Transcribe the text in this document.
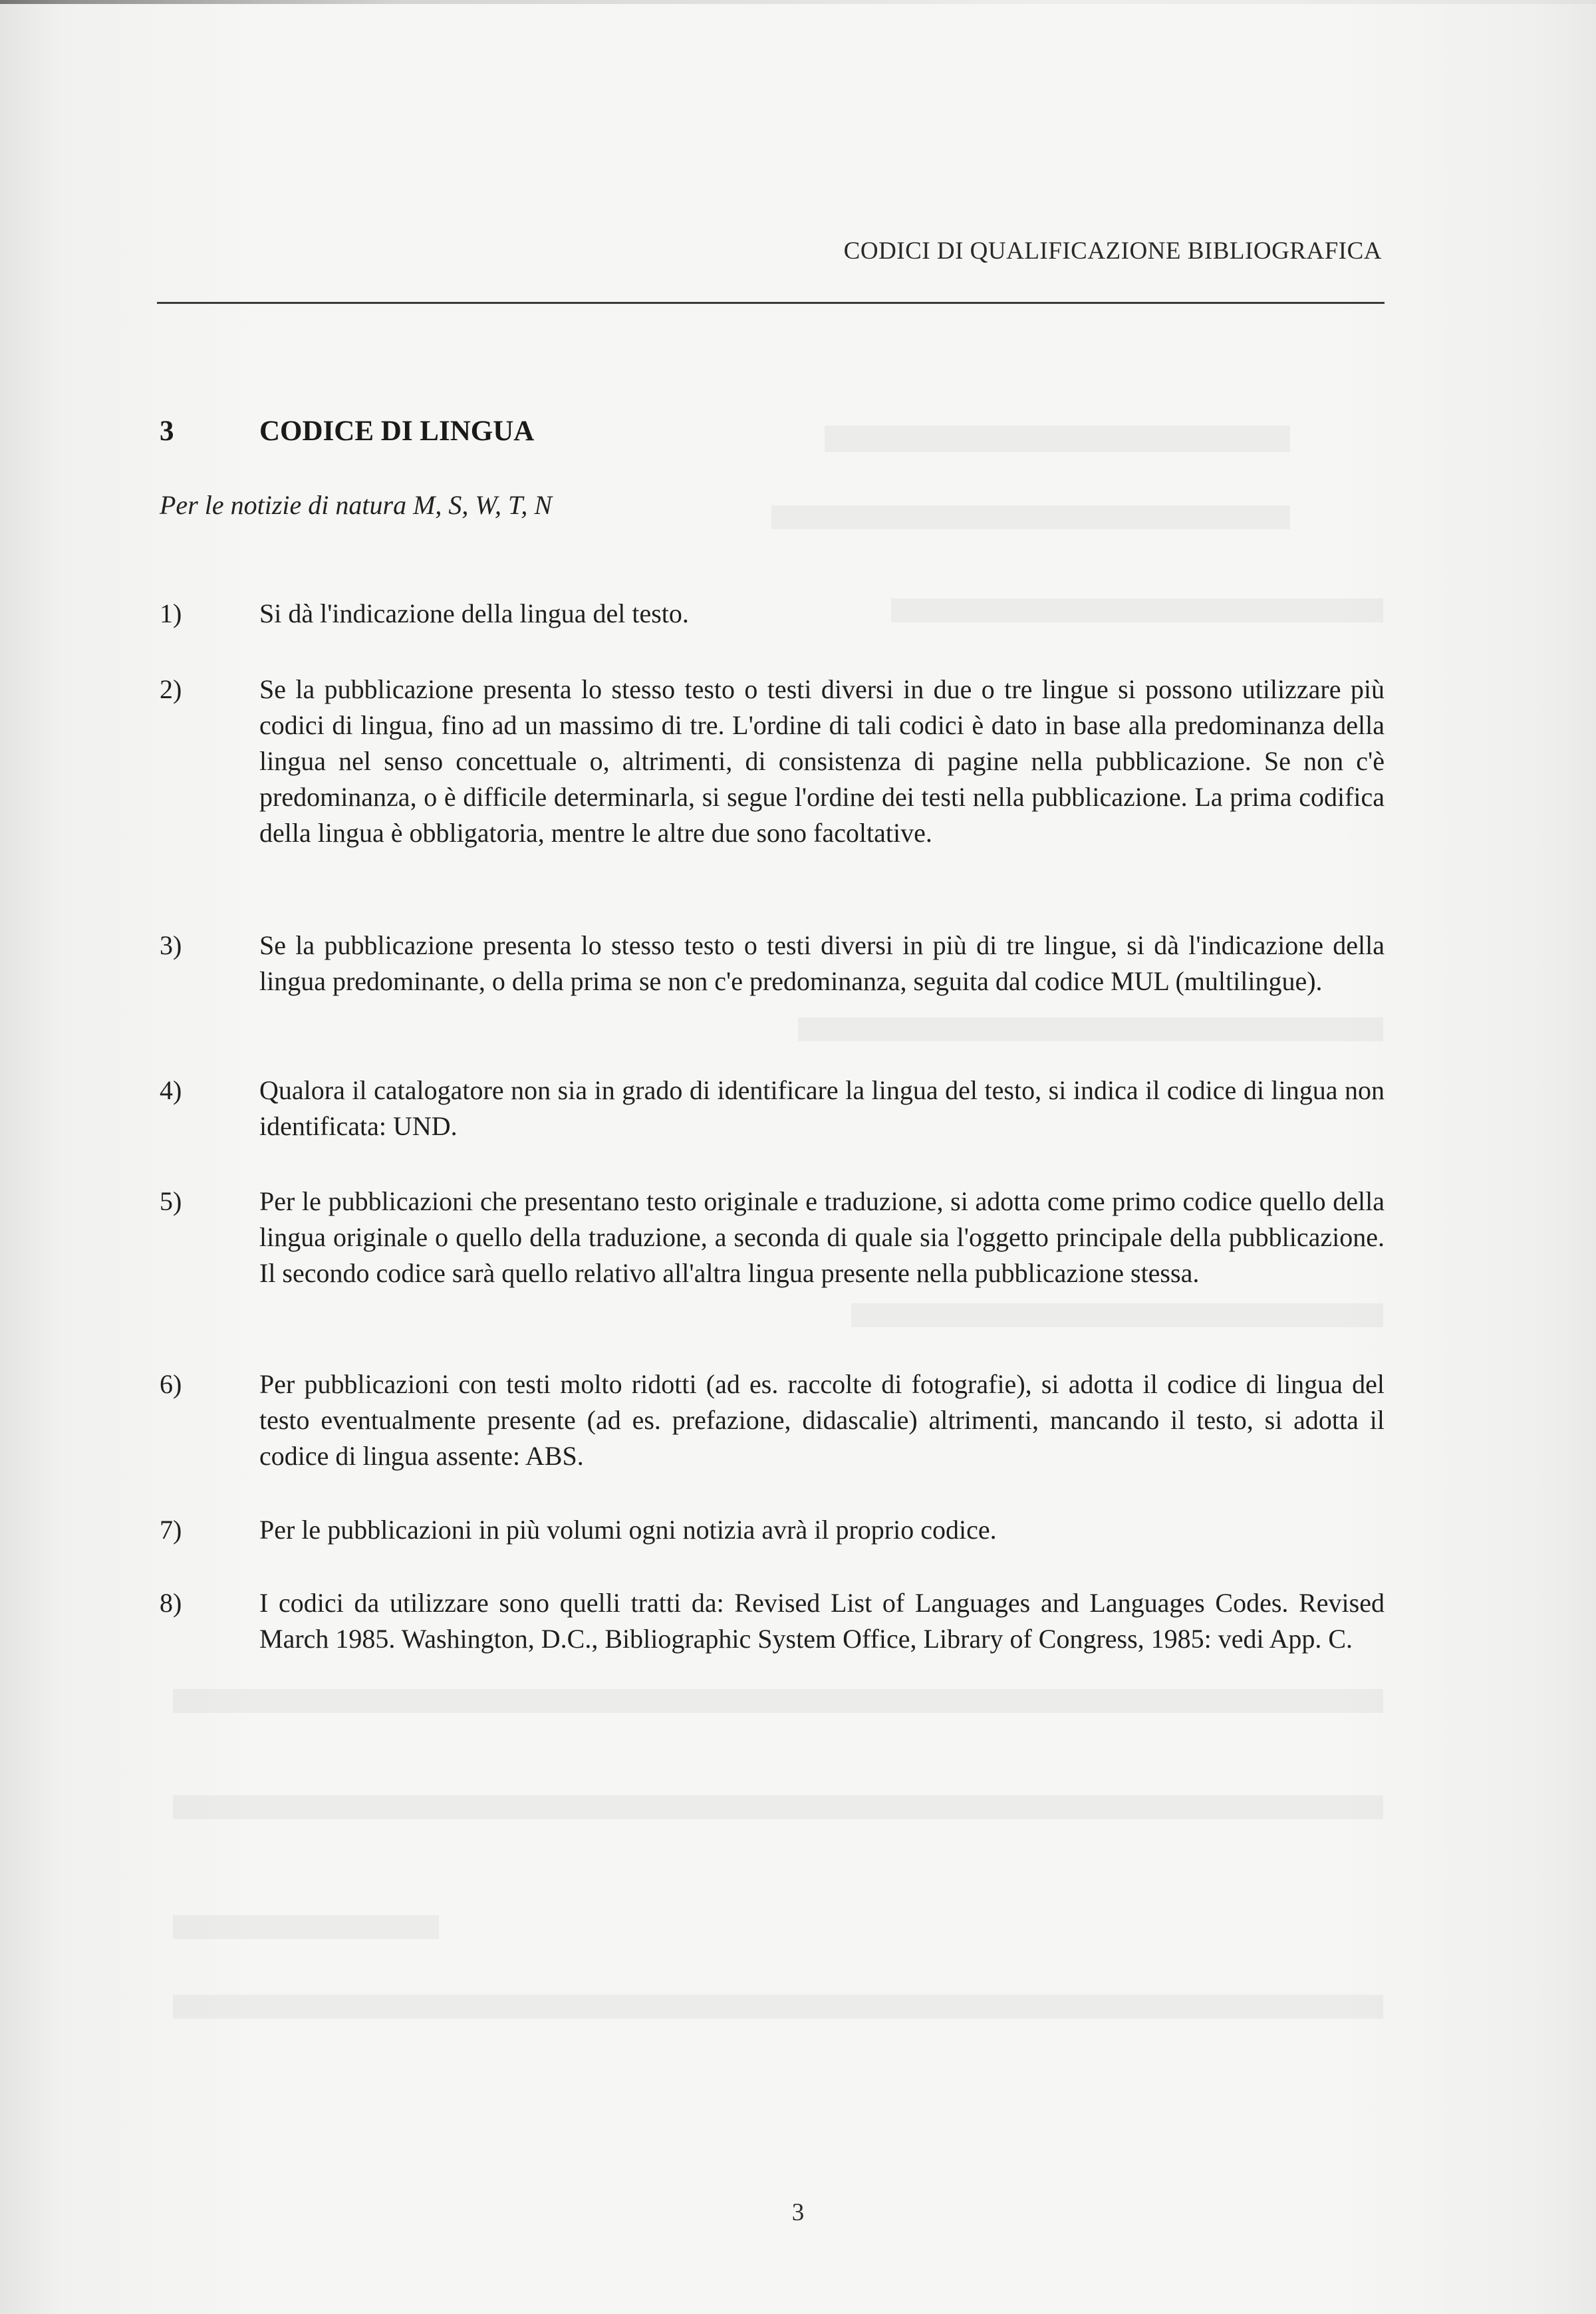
CODICI DI QUALIFICAZIONE BIBLIOGRAFICA
3	CODICE DI LINGUA
Per le notizie di natura M, S, W, T, N
1)	Si dà l'indicazione della lingua del testo.
2)	Se la pubblicazione presenta lo stesso testo o testi diversi in due o tre lingue si possono utilizzare più codici di lingua, fino ad un massimo di tre. L'ordine di tali codici è dato in base alla predominanza della lingua nel senso concettuale o, altrimenti, di consistenza di pagine nella pubblicazione. Se non c'è predominanza, o è difficile determinarla, si segue l'ordine dei testi nella pubblicazione. La prima codifica della lingua è obbligatoria, mentre le altre due sono facoltative.
3)	Se la pubblicazione presenta lo stesso testo o testi diversi in più di tre lingue, si dà l'indicazione della lingua predominante, o della prima se non c'e predominanza, seguita dal codice MUL (multilingue).
4)	Qualora il catalogatore non sia in grado di identificare la lingua del testo, si indica il codice di lingua non identificata: UND.
5)	Per le pubblicazioni che presentano testo originale e traduzione, si adotta come primo codice quello della lingua originale o quello della traduzione, a seconda di quale sia l'oggetto principale della pubblicazione. Il secondo codice sarà quello relativo all'altra lingua presente nella pubblicazione stessa.
6)	Per pubblicazioni con testi molto ridotti (ad es. raccolte di fotografie), si adotta il codice di lingua del testo eventualmente presente (ad es. prefazione, didascalie) altrimenti, mancando il testo, si adotta il codice di lingua assente: ABS.
7)	Per le pubblicazioni in più volumi ogni notizia avrà il proprio codice.
8)	I codici da utilizzare sono quelli tratti da: Revised List of Languages and Languages Codes. Revised March 1985. Washington, D.C., Bibliographic System Office, Library of Congress, 1985: vedi App. C.
3
